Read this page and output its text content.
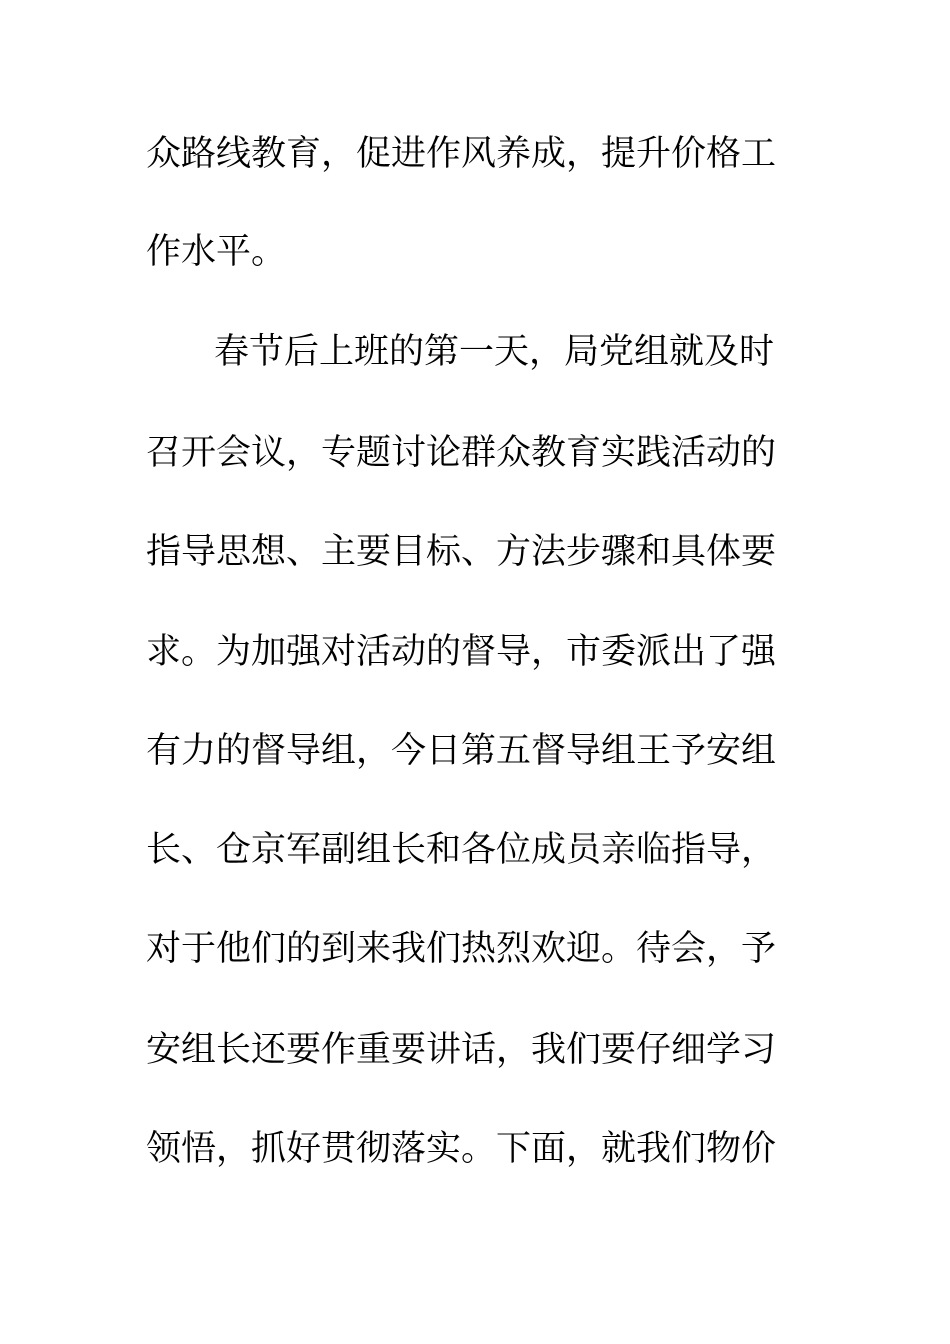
众路线教育，促进作风养成，提升价格工
作水平。
春节后上班的第一天，局党组就及时
召开会议，专题讨论群众教育实践活动的
指导思想、主要目标、方法步骤和具体要
求。为加强对活动的督导，市委派出了强
有力的督导组，今日第五督导组王予安组
长、仓京军副组长和各位成员亲临指导，
对于他们的到来我们热烈欢迎。待会，予
安组长还要作重要讲话，我们要仔细学习
领悟，抓好贯彻落实。下面，就我们物价
